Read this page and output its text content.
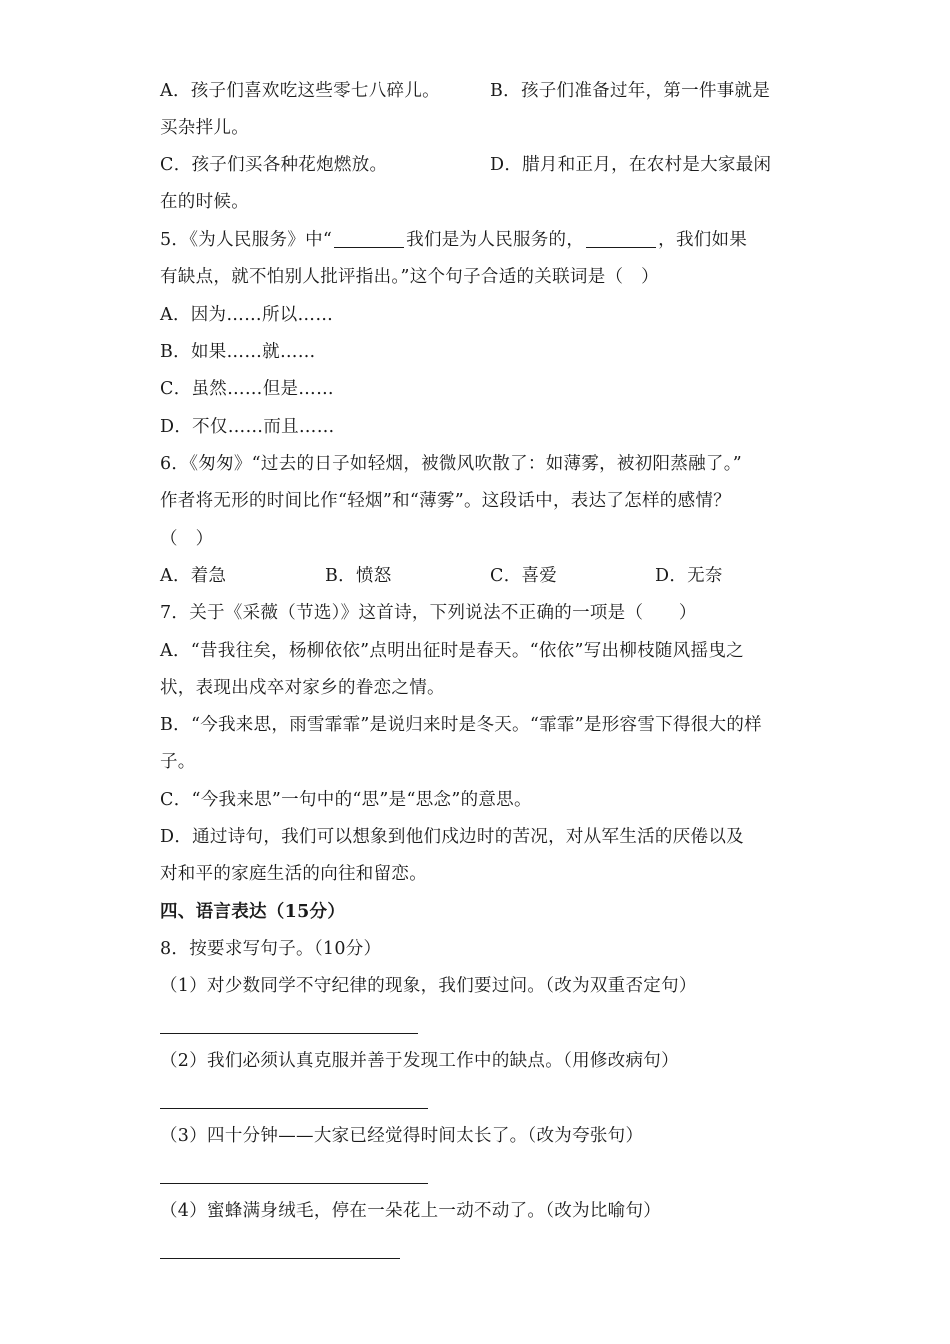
A．孩子们喜欢吃这些零七八碎儿。	B．孩子们准备过年，第一件事就是
买杂拌儿。
C．孩子们买各种花炮燃放。	D．腊月和正月，在农村是大家最闲
在的时候。
5．《为人民服务》中“	我们是为人民服务的，	，我们如果
有缺点，就不怕别人批评指出。”这个句子合适的关联词是（　）
A．因为……所以……
B．如果……就……
C．虽然……但是……
D．不仅……而且……
6．《匆匆》“过去的日子如轻烟，被微风吹散了：如薄雾，被初阳蒸融了。”
作者将无形的时间比作“轻烟”和“薄雾”。这段话中，表达了怎样的感情？
（　）
A．着急	B．愤怒	C．喜爱	D．无奈
7．关于《采薇（节选）》这首诗，下列说法不正确的一项是（　　）
A．“昔我往矣，杨柳依依”点明出征时是春天。“依依”写出柳枝随风摇曳之
状，表现出戍卒对家乡的眷恋之情。
B．“今我来思，雨雪霏霏”是说归来时是冬天。“霏霏”是形容雪下得很大的样
子。
C．“今我来思”一句中的“思”是“思念”的意思。
D．通过诗句，我们可以想象到他们戍边时的苦况，对从军生活的厌倦以及
对和平的家庭生活的向往和留恋。
四、语言表达（15分）
8．按要求写句子。（10分）
（1）对少数同学不守纪律的现象，我们要过问。（改为双重否定句）
（2）我们必须认真克服并善于发现工作中的缺点。（用修改病句）
（3）四十分钟——大家已经觉得时间太长了。（改为夸张句）
（4）蜜蜂满身绒毛，停在一朵花上一动不动了。（改为比喻句）
